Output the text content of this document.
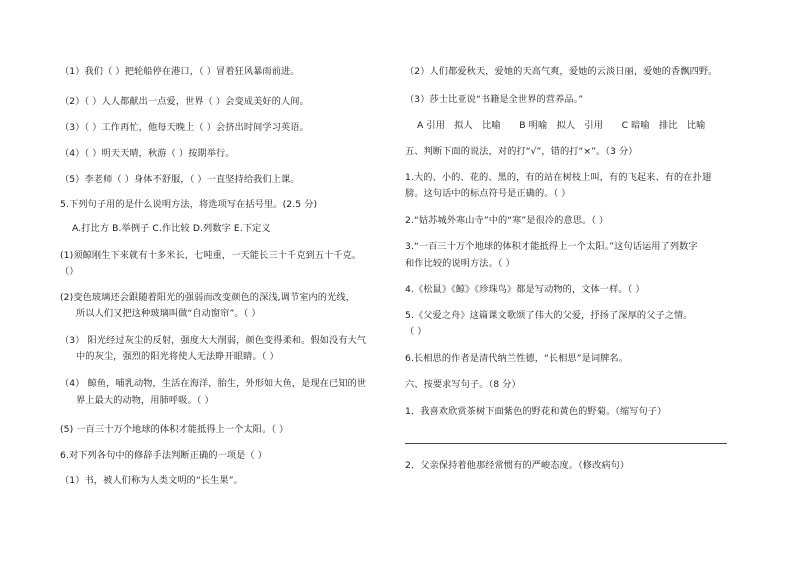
（1）我们（ ）把轮船停在港口，（ ）冒着狂风暴雨前进。
（2）（ ）人人都献出一点爱，世界（ ）会变成美好的人间。
（3）（ ）工作再忙，他每天晚上（ ）会挤出时间学习英语。
（4）（ ）明天天晴，秋游（ ）按期举行。
（5）李老师（ ）身体不舒服，（ ）一直坚持给我们上课。
5.下列句子用的是什么说明方法，将选项写在括号里。(2.5 分)
A.打比方 B.举例子 C.作比较 D.列数字 E.下定义
(1)须鲸刚生下来就有十多米长，七吨重，一天能长三十千克到五十千克。
（）
(2)变色玻璃还会跟随着阳光的强弱而改变颜色的深浅,调节室内的光线，
所以人们又把这种玻璃叫做“自动窗帘”。（ ）
（3） 阳光经过灰尘的反射，强度大大削弱，颜色变得柔和。假如没有大气
中的灰尘，强烈的阳光将使人无法睁开眼睛。（ ）
（4） 鲸鱼，哺乳动物，生活在海洋，胎生，外形如大鱼，是现在已知的世
界上最大的动物，用肺呼吸。（ ）
(5) 一百三十万个地球的体积才能抵得上一个太阳。（ ）
6.对下列各句中的修辞手法判断正确的一项是（ ）
（1）书，被人们称为人类文明的“长生果”。
（2）人们都爱秋天，爱她的天高气爽，爱她的云淡日丽，爱她的香飘四野。
（3）莎士比亚说“书籍是全世界的营养品。”
A 引用　拟人　比喻　　B 明喻　拟人　引用　　C 暗喻　排比　比喻
五、判断下面的说法，对的打“√”，错的打“×”。（3 分）
1.大的、小的、花的、黑的，有的站在树枝上叫，有的飞起来、有的在扑翅
膀。这句话中的标点符号是正确的。（ ）
2.“姑苏城外寒山寺”中的“寒”是很冷的意思。（ ）
3.“一百三十万个地球的体积才能抵得上一个太阳。”这句话运用了列数字
和作比较的说明方法。（ ）
4.《松鼠》《鲸》《珍珠鸟》都是写动物的，文体一样。（ ）
5.《父爱之舟》这篇课文歌颂了伟大的父爱，抒扬了深厚的父子之情。
（ ）
6.长相思的作者是清代纳兰性德，“长相思”是词牌名。
六、按要求写句子。（8 分）
1．我喜欢欣赏茶树下面紫色的野花和黄色的野菊。（缩写句子）
2．父亲保持着他那经常惯有的严峻态度。（修改病句）
